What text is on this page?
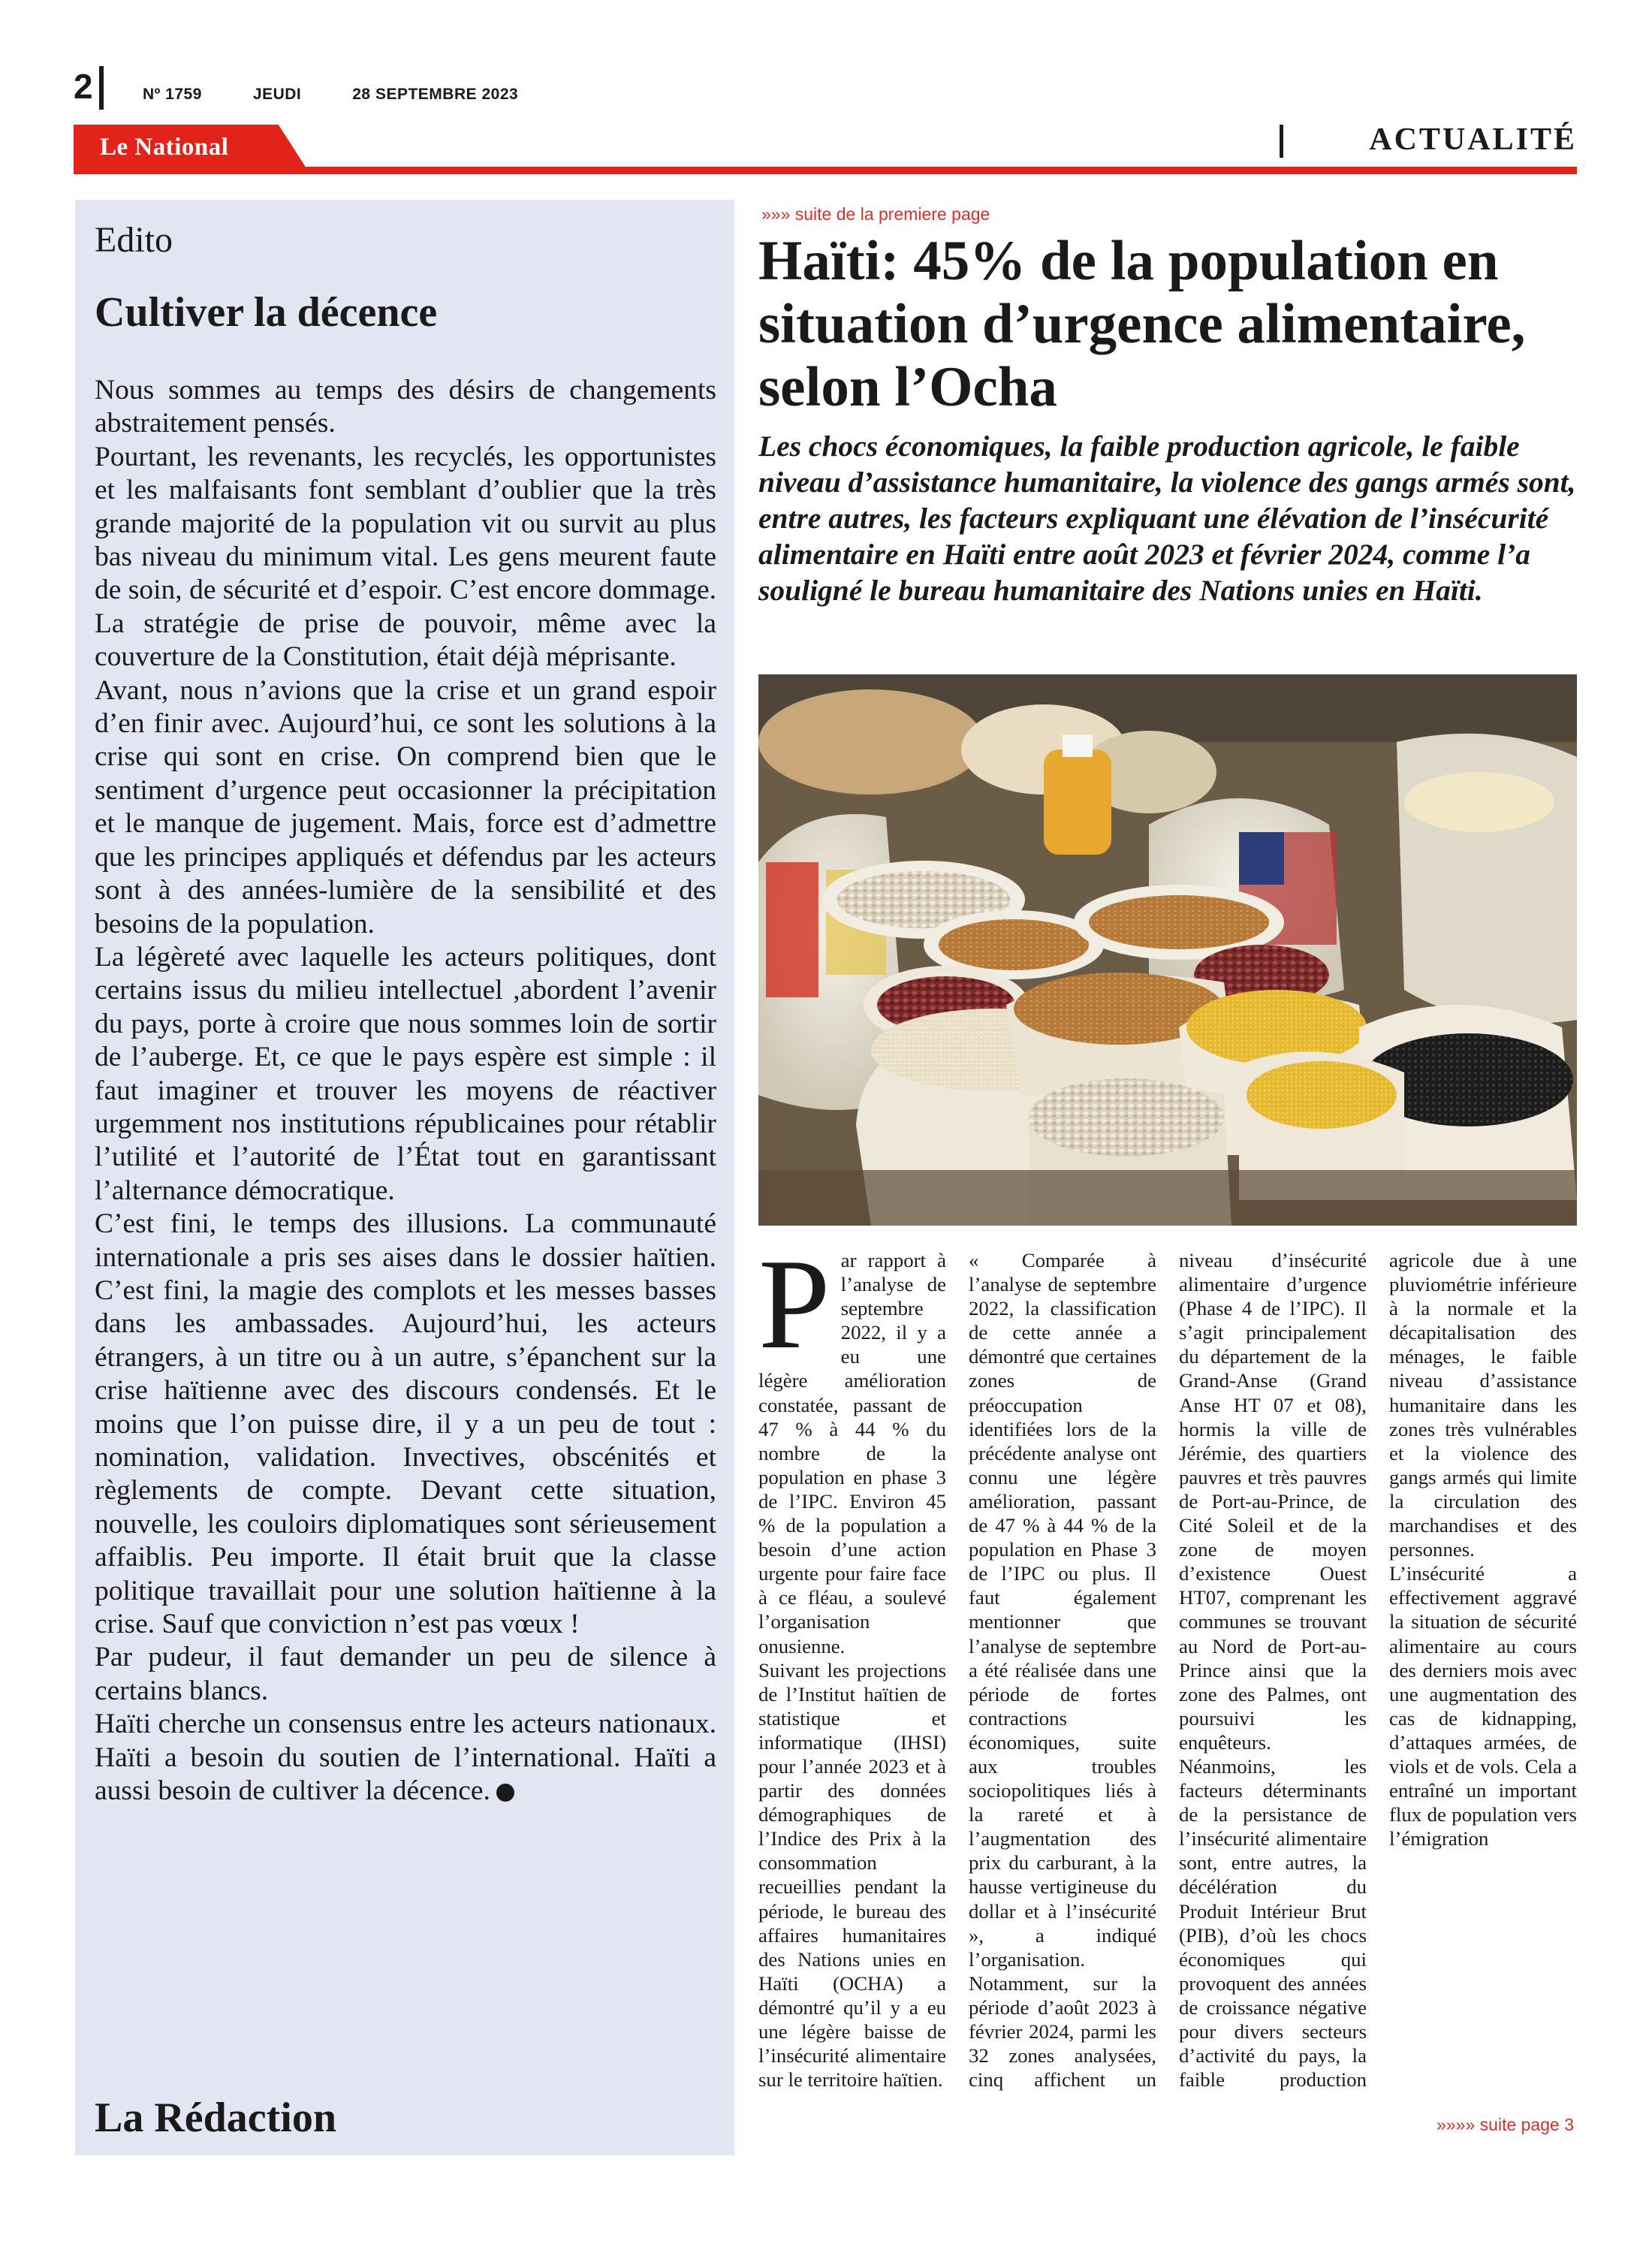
2	Nº 1759	JEUDI	28 SEPTEMBRE 2023
Le National	ACTUALITÉ
Edito
Cultiver la décence

Nous sommes au temps des désirs de changements abstraitement pensés.

Pourtant, les revenants, les recyclés, les opportunistes et les malfaisants font semblant d’oublier que la très grande majorité de la population vit ou survit au plus bas niveau du minimum vital. Les gens meurent faute de soin, de sécurité et d’espoir. C’est encore dommage. La stratégie de prise de pouvoir, même avec la couverture de la Constitution, était déjà méprisante.

Avant, nous n’avions que la crise et un grand espoir d’en finir avec. Aujourd’hui, ce sont les solutions à la crise qui sont en crise. On comprend bien que le sentiment d’urgence peut occasionner la précipitation et le manque de jugement. Mais, force est d’admettre que les principes appliqués et défendus par les acteurs sont à des années-lumière de la sensibilité et des besoins de la population.

La légèreté avec laquelle les acteurs politiques, dont certains issus du milieu intellectuel ,abordent l’avenir du pays, porte à croire que nous sommes loin de sortir de l’auberge. Et, ce que le pays espère est simple : il faut imaginer et trouver les moyens de réactiver urgemment nos institutions républicaines pour rétablir l’utilité et l’autorité de l’État tout en garantissant l’alternance démocratique.

C’est fini, le temps des illusions. La communauté internationale a pris ses aises dans le dossier haïtien. C’est fini, la magie des complots et les messes basses dans les ambassades. Aujourd’hui, les acteurs étrangers, à un titre ou à un autre, s’épanchent sur la crise haïtienne avec des discours condensés. Et le moins que l’on puisse dire, il y a un peu de tout : nomination, validation. Invectives, obscénités et règlements de compte. Devant cette situation, nouvelle, les couloirs diplomatiques sont sérieusement affaiblis. Peu importe. Il était bruit que la classe politique travaillait pour une solution haïtienne à la crise. Sauf que conviction n’est pas vœux !

Par pudeur, il faut demander un peu de silence à certains blancs.

Haïti cherche un consensus entre les acteurs nationaux. Haïti a besoin du soutien de l’international. Haïti a aussi besoin de cultiver la décence.

La Rédaction
»»» suite de la premiere page
Haïti: 45% de la population en situation d’urgence alimentaire, selon l’Ocha
Les chocs économiques, la faible production agricole, le faible niveau d’assistance humanitaire, la violence des gangs armés sont, entre autres, les facteurs expliquant une élévation de l’insécurité alimentaire en Haïti entre août 2023 et février 2024, comme l’a souligné le bureau humanitaire des Nations unies en Haïti.

Par rapport à l’analyse de septembre 2022, il y a eu une légère amélioration constatée, passant de 47 % à 44 % du nombre de la population en phase 3 de l’IPC. Environ 45 % de la population a besoin d’une action urgente pour faire face à ce fléau, a soulevé l’organisation onusienne.

Suivant les projections de l’Institut haïtien de statistique et informatique (IHSI) pour l’année 2023 et à partir des données démographiques de l’Indice des Prix à la consommation recueillies pendant la période, le bureau des affaires humanitaires des Nations unies en Haïti (OCHA) a démontré qu’il y a eu une légère baisse de l’insécurité alimentaire sur le territoire haïtien.

« Comparée à l’analyse de septembre 2022, la classification de cette année a démontré que certaines zones de préoccupation identifiées lors de la précédente analyse ont connu une légère amélioration, passant de 47 % à 44 % de la population en Phase 3 de l’IPC ou plus. Il faut également mentionner que l’analyse de septembre a été réalisée dans une période de fortes contractions économiques, suite aux troubles sociopolitiques liés à la rareté et à l’augmentation des prix du carburant, à la hausse vertigineuse du dollar et à l’insécurité », a indiqué l’organisation.

Notamment, sur la période d’août 2023 à février 2024, parmi les 32 zones analysées, cinq affichent un niveau d’insécurité alimentaire d’urgence (Phase 4 de l’IPC). Il s’agit principalement du département de la Grand-Anse (Grand Anse HT 07 et 08), hormis la ville de Jérémie, des quartiers pauvres et très pauvres de Port-au-Prince, de Cité Soleil et de la zone de moyen d’existence Ouest HT07, comprenant les communes se trouvant au Nord de Port-au-Prince ainsi que la zone des Palmes, ont poursuivi les enquêteurs.

Néanmoins, les facteurs déterminants de la persistance de l’insécurité alimentaire sont, entre autres, la décélération du Produit Intérieur Brut (PIB), d’où les chocs économiques qui provoquent des années de croissance négative pour divers secteurs d’activité du pays, la faible production agricole due à une pluviométrie inférieure à la normale et la décapitalisation des ménages, le faible niveau d’assistance humanitaire dans les zones très vulnérables et la violence des gangs armés qui limite la circulation des marchandises et des personnes.

L’insécurité a effectivement aggravé la situation de sécurité alimentaire au cours des derniers mois avec une augmentation des cas de kidnapping, d’attaques armées, de viols et de vols. Cela a entraîné un important flux de population vers l’émigration

»»»» suite page 3
